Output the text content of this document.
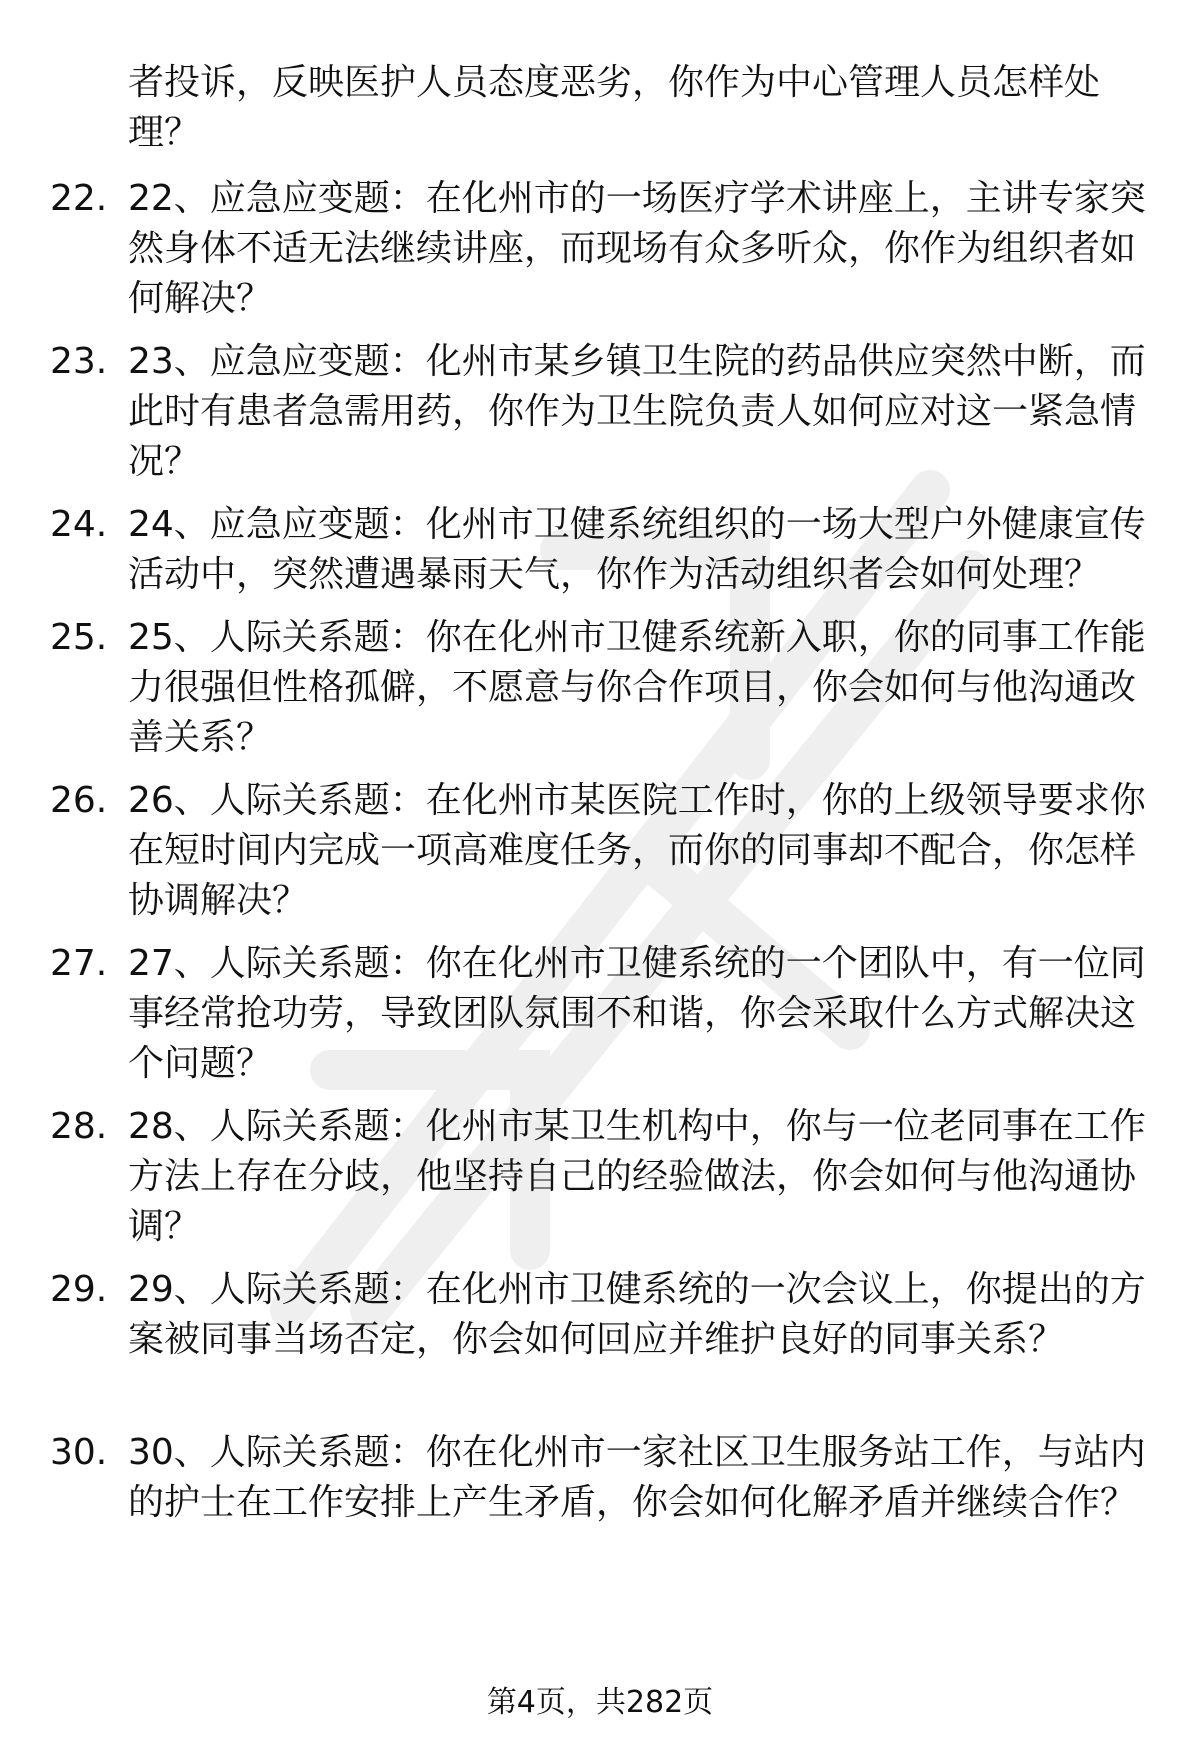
者投诉，反映医护人员态度恶劣，你作为中心管理人员怎样处理？
22. 22、应急应变题：在化州市的一场医疗学术讲座上，主讲专家突然身体不适无法继续讲座，而现场有众多听众，你作为组织者如何解决？
23. 23、应急应变题：化州市某乡镇卫生院的药品供应突然中断，而此时有患者急需用药，你作为卫生院负责人如何应对这一紧急情况？
24. 24、应急应变题：化州市卫健系统组织的一场大型户外健康宣传活动中，突然遭遇暴雨天气，你作为活动组织者会如何处理？
25. 25、人际关系题：你在化州市卫健系统新入职，你的同事工作能力很强但性格孤僻，不愿意与你合作项目，你会如何与他沟通改善关系？
26. 26、人际关系题：在化州市某医院工作时，你的上级领导要求你在短时间内完成一项高难度任务，而你的同事却不配合，你怎样协调解决？
27. 27、人际关系题：你在化州市卫健系统的一个团队中，有一位同事经常抢功劳，导致团队氛围不和谐，你会采取什么方式解决这个问题？
28. 28、人际关系题：化州市某卫生机构中，你与一位老同事在工作方法上存在分歧，他坚持自己的经验做法，你会如何与他沟通协调？
29. 29、人际关系题：在化州市卫健系统的一次会议上，你提出的方案被同事当场否定，你会如何回应并维护良好的同事关系？
30. 30、人际关系题：你在化州市一家社区卫生服务站工作，与站内的护士在工作安排上产生矛盾，你会如何化解矛盾并继续合作？
第4页，共282页
